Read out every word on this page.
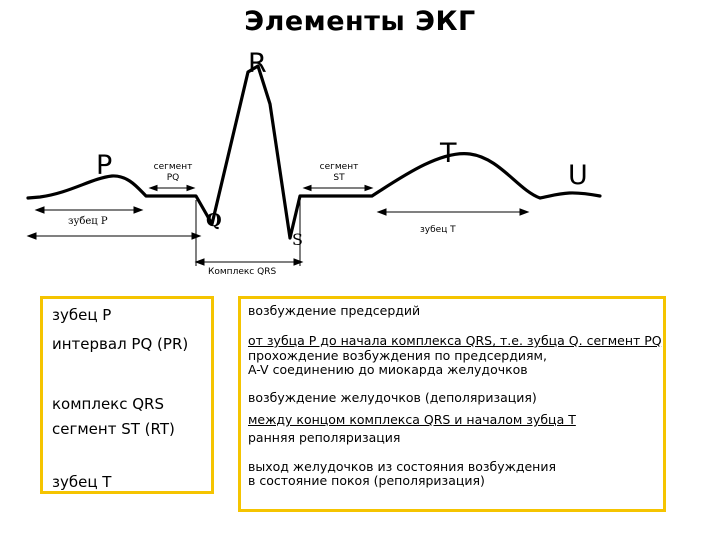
Элементы ЭКГ
P
R
Q
S
T
U
сегмент
PQ
сегмент
ST
зубец P
зубец T
Комплекс QRS
зубец P
интервал PQ (PR)
комплекс QRS
сегмент ST (RT)
зубец T
возбуждение предсердий
от зубца P до начала комплекса QRS, т.е. зубца Q. сегмент PQ
прохождение возбуждения по предсердиям,
A-V соединению до миокарда желудочков
возбуждение желудочков (деполяризация)
между концом комплекса QRS и началом зубца T
ранняя реполяризация
выход желудочков из состояния возбуждения
в состояние покоя (реполяризация)
